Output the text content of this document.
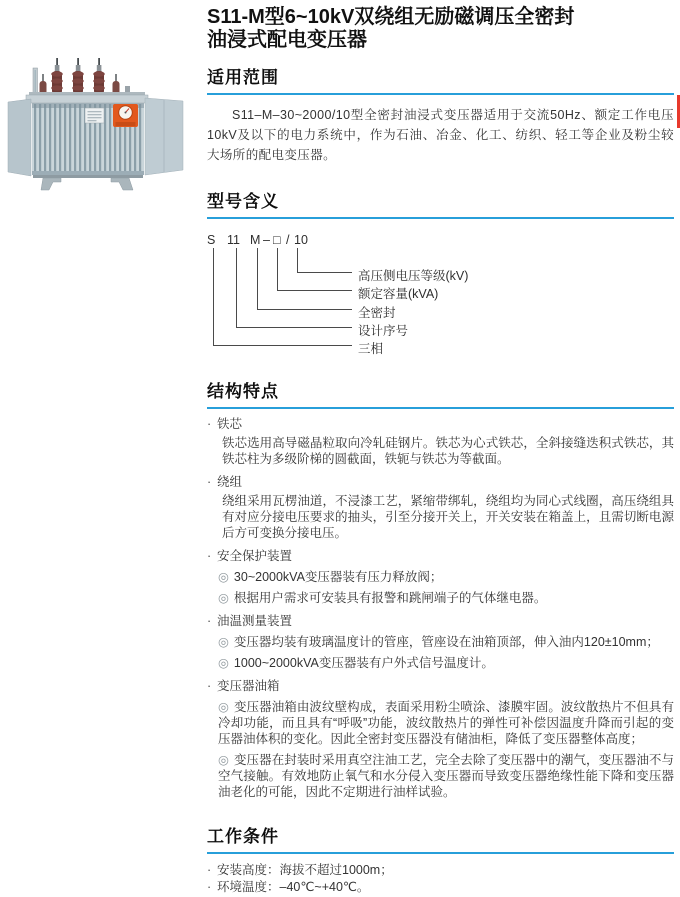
S11-M型6~10kV双绕组无励磁调压全密封
油浸式配电变压器
适用范围

S11–M–30~2000/10型全密封油浸式变压器适用于交流50Hz、额定工作电压10kV及以下的电力系统中，作为石油、冶金、化工、纺织、轻工等企业及粉尘较大场所的配电变压器。

型号含义
S 11 M – □ / 10
高压侧电压等级(kV)
额定容量(kVA)
全密封
设计序号
三相
结构特点
· 铁芯

铁芯选用高导磁晶粒取向冷轧硅钢片。铁芯为心式铁芯，全斜接缝迭积式铁芯，其铁芯柱为多级阶梯的圆截面，铁轭与铁芯为等截面。

· 绕组

绕组采用瓦楞油道，不浸漆工艺，紧缩带绑轧，绕组均为同心式线圈，高压绕组具有对应分接电压要求的抽头，引至分接开关上，开关安装在箱盖上，且需切断电源后方可变换分接电压。

· 安全保护装置
◎ 30~2000kVA变压器装有压力释放阀；
◎ 根据用户需求可安装具有报警和跳闸端子的气体继电器。
· 油温测量装置
◎ 变压器均装有玻璃温度计的管座，管座设在油箱顶部，伸入油内120±10mm；
◎ 1000~2000kVA变压器装有户外式信号温度计。
· 变压器油箱
◎ 变压器油箱由波纹壁构成，表面采用粉尘喷涂、漆膜牢固。波纹散热片不但具有冷却功能，而且具有“呼吸”功能，波纹散热片的弹性可补偿因温度升降而引起的变压器油体积的变化。因此全密封变压器没有储油柜，降低了变压器整体高度；
◎ 变压器在封装时采用真空注油工艺，完全去除了变压器中的潮气，变压器油不与空气接触。有效地防止氧气和水分侵入变压器而导致变压器绝缘性能下降和变压器油老化的可能，因此不定期进行油样试验。
工作条件
· 安装高度：海拔不超过1000m；
· 环境温度：–40℃~+40℃。
